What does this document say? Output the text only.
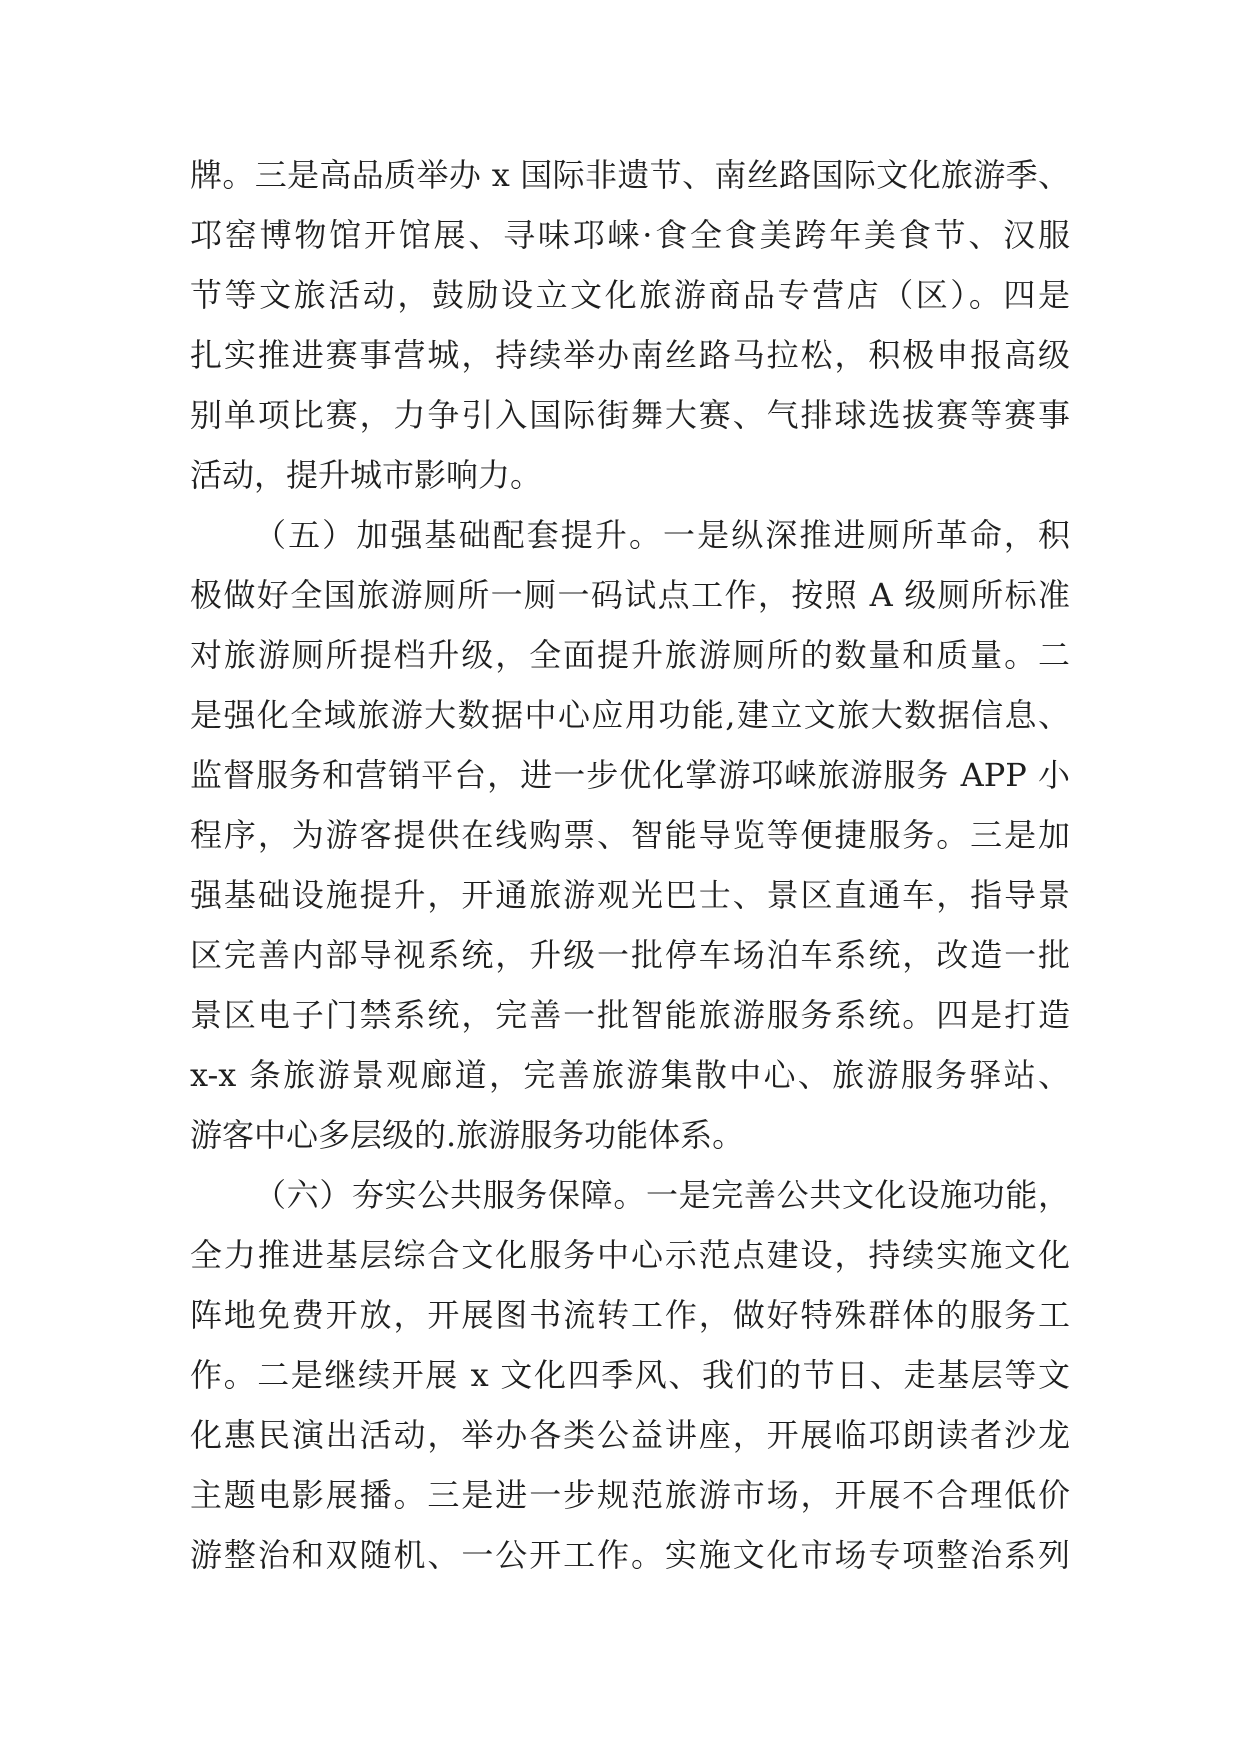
牌。三是高品质举办 x 国际非遗节、南丝路国际文化旅游季、
邛窑博物馆开馆展、寻味邛崃·食全食美跨年美食节、汉服
节等文旅活动，鼓励设立文化旅游商品专营店（区）。四是
扎实推进赛事营城，持续举办南丝路马拉松，积极申报高级
别单项比赛，力争引入国际街舞大赛、气排球选拔赛等赛事
活动，提升城市影响力。
（五）加强基础配套提升。一是纵深推进厕所革命，积
极做好全国旅游厕所一厕一码试点工作，按照 A 级厕所标准
对旅游厕所提档升级，全面提升旅游厕所的数量和质量。二
是强化全域旅游大数据中心应用功能,建立文旅大数据信息、
监督服务和营销平台，进一步优化掌游邛崃旅游服务 APP 小
程序，为游客提供在线购票、智能导览等便捷服务。三是加
强基础设施提升，开通旅游观光巴士、景区直通车，指导景
区完善内部导视系统，升级一批停车场泊车系统，改造一批
景区电子门禁系统，完善一批智能旅游服务系统。四是打造
x-x 条旅游景观廊道，完善旅游集散中心、旅游服务驿站、
游客中心多层级的.旅游服务功能体系。
（六）夯实公共服务保障。一是完善公共文化设施功能，
全力推进基层综合文化服务中心示范点建设，持续实施文化
阵地免费开放，开展图书流转工作，做好特殊群体的服务工
作。二是继续开展 x 文化四季风、我们的节日、走基层等文
化惠民演出活动，举办各类公益讲座，开展临邛朗读者沙龙
主题电影展播。三是进一步规范旅游市场，开展不合理低价
游整治和双随机、一公开工作。实施文化市场专项整治系列
